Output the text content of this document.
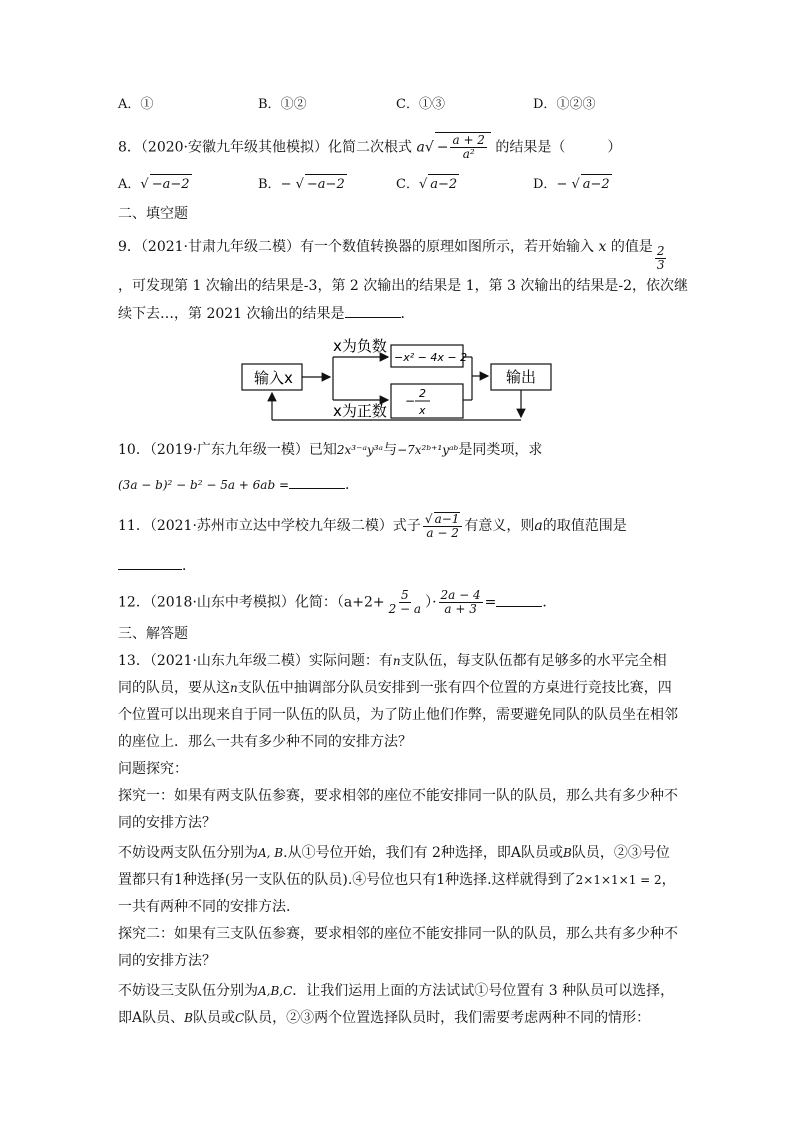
A．①	B．①②	C．①③	D．①②③
8．（2020·安徽九年级其他模拟）化简二次根式 $a√ - \frac{a + 2}{\text{a²}}$ 的结果是（　　　）
A．√ −a−2	B．− √ −a−2	C．√ a−2	D．− √ a−2
二、填空题
9．（2021·甘肃九年级二模）有一个数值转换器的原理如图所示，若开始输入 x 的值是 $\frac{2}{3}$
，可发现第 1 次输出的结果是-3，第 2 次输出的结果是 1，第 3 次输出的结果是-2，依次继
续下去…，第 2021 次输出的结果是	．
输入x
x为负数
−x² − 4x − 2
x为正数
−
2
x
输出
10．（2019·广东九年级一模）已知2x³⁻ᵃy³ᵃ与−7x²ᵇ⁺¹yᵃᵇ是同类项，求
(3a − b)² − b² − 5a + 6ab =	．
11．（2021·苏州市立达中学校九年级二模）式子 $\frac{√ a-1}{a - 2}$ 有意义，则a的取值范围是
．
12．（2018·山东中考模拟）化简：（$a+2+ \frac{5}{2 - a}$ ）· $\frac{2a - 4}{a + 3}$ =	．
三、解答题
13．（2021·山东九年级二模）实际问题：有n支队伍，每支队伍都有足够多的水平完全相
同的队员，要从这n支队伍中抽调部分队员安排到一张有四个位置的方桌进行竞技比赛，四
个位置可以出现来自于同一队伍的队员，为了防止他们作弊，需要避免同队的队员坐在相邻
的座位上．那么一共有多少种不同的安排方法？
问题探究：
探究一：如果有两支队伍参赛，要求相邻的座位不能安排同一队的队员，那么共有多少种不
同的安排方法？
不妨设两支队伍分别为A, B.从①号位开始，我们有 2种选择，即A队员或B队员，②③号位
置都只有1种选择(另一支队伍的队员).④号位也只有1种选择.这样就得到了2×1×1×1 = 2，
一共有两种不同的安排方法.
探究二：如果有三支队伍参赛，要求相邻的座位不能安排同一队的队员，那么共有多少种不
同的安排方法？
不妨设三支队伍分别为A,B,C．让我们运用上面的方法试试①号位置有 3 种队员可以选择，
即A队员、B队员或C队员，②③两个位置选择队员时，我们需要考虑两种不同的情形：
